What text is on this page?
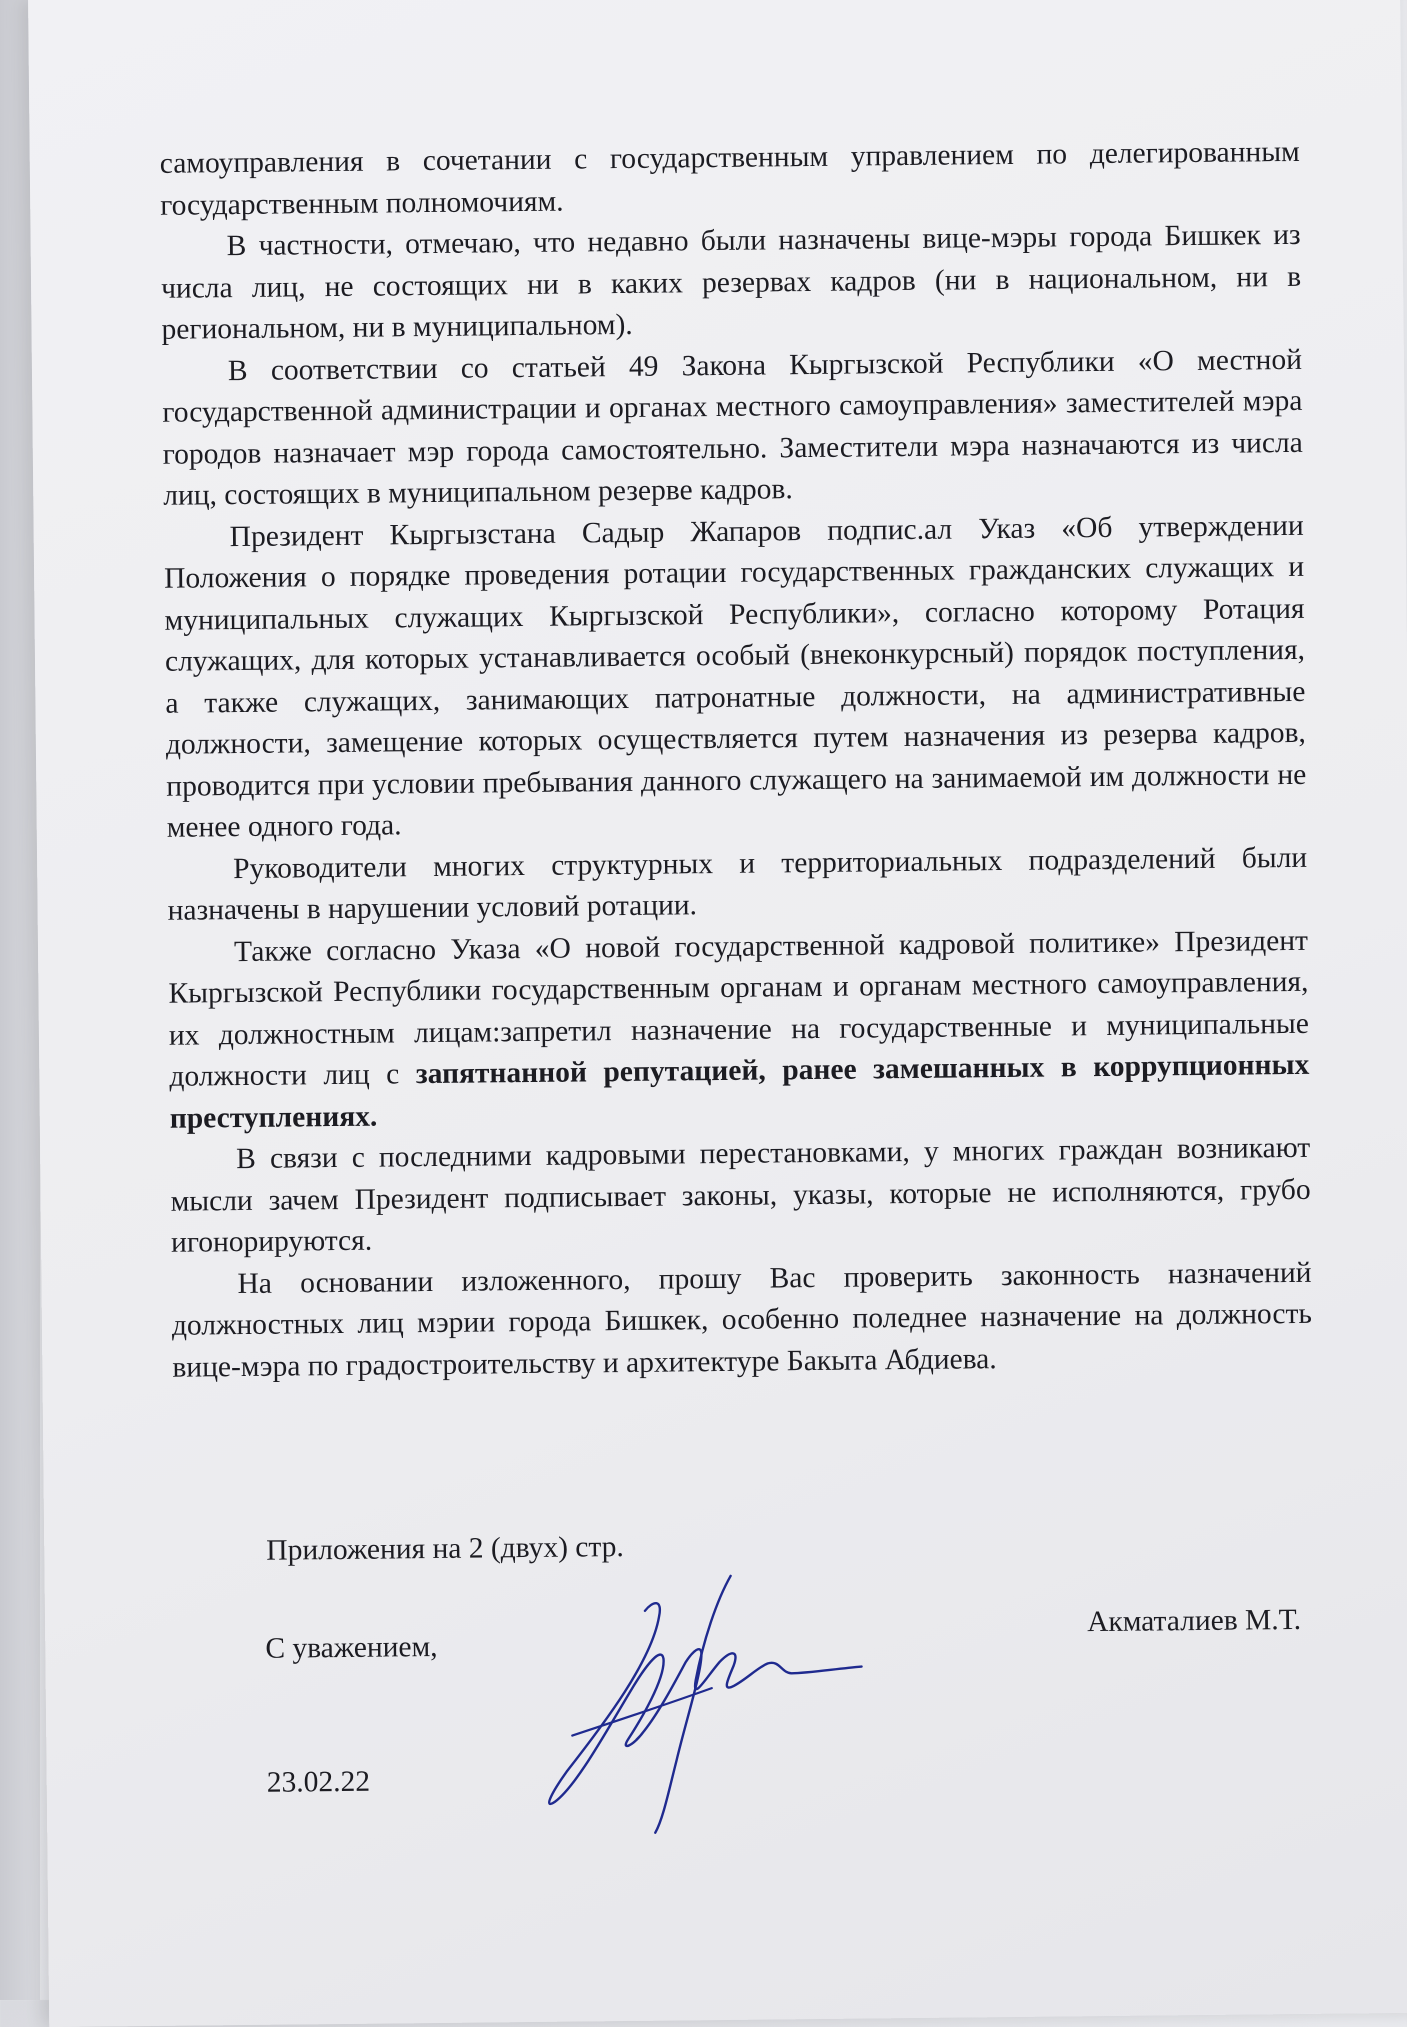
самоуправления в сочетании с государственным управлением по делегированным государственным полномочиям.

В частности, отмечаю, что недавно были назначены вице-мэры города Бишкек из числа лиц, не состоящих ни в каких резервах кадров (ни в национальном, ни в региональном, ни в муниципальном).

В соответствии со статьей 49 Закона Кыргызской Республики «О местной государственной администрации и органах местного самоуправления» заместителей мэра городов назначает мэр города самостоятельно. Заместители мэра назначаются из числа лиц, состоящих в муниципальном резерве кадров.

Президент Кыргызстана Садыр Жапаров подпис.ал Указ «Об утверждении Положения о порядке проведения ротации государственных гражданских служащих и муниципальных служащих Кыргызской Республики», согласно которому Ротация служащих, для которых устанавливается особый (внеконкурсный) порядок поступления, а также служащих, занимающих патронатные должности, на административные должности, замещение которых осуществляется путем назначения из резерва кадров, проводится при условии пребывания данного служащего на занимаемой им должности не менее одного года.

Руководители многих структурных и территориальных подразделений были назначены в нарушении условий ротации.

Также согласно Указа «О новой государственной кадровой политике» Президент Кыргызской Республики государственным органам и органам местного самоуправления, их должностным лицам:запретил назначение на государственные и муниципальные должности лиц с запятнанной репутацией, ранее замешанных в коррупционных преступлениях.

В связи с последними кадровыми перестановками, у многих граждан возникают мысли зачем Президент подписывает законы, указы, которые не исполняются, грубо игонорируются.

На основании изложенного, прошу Вас проверить законность назначений должностных лиц мэрии города Бишкек, особенно поледнее назначение на должность вице-мэра по градостроительству и архитектуре Бакыта Абдиева.

Приложения на 2 (двух) стр.
С уважением,
Акматалиев М.Т.
23.02.22
